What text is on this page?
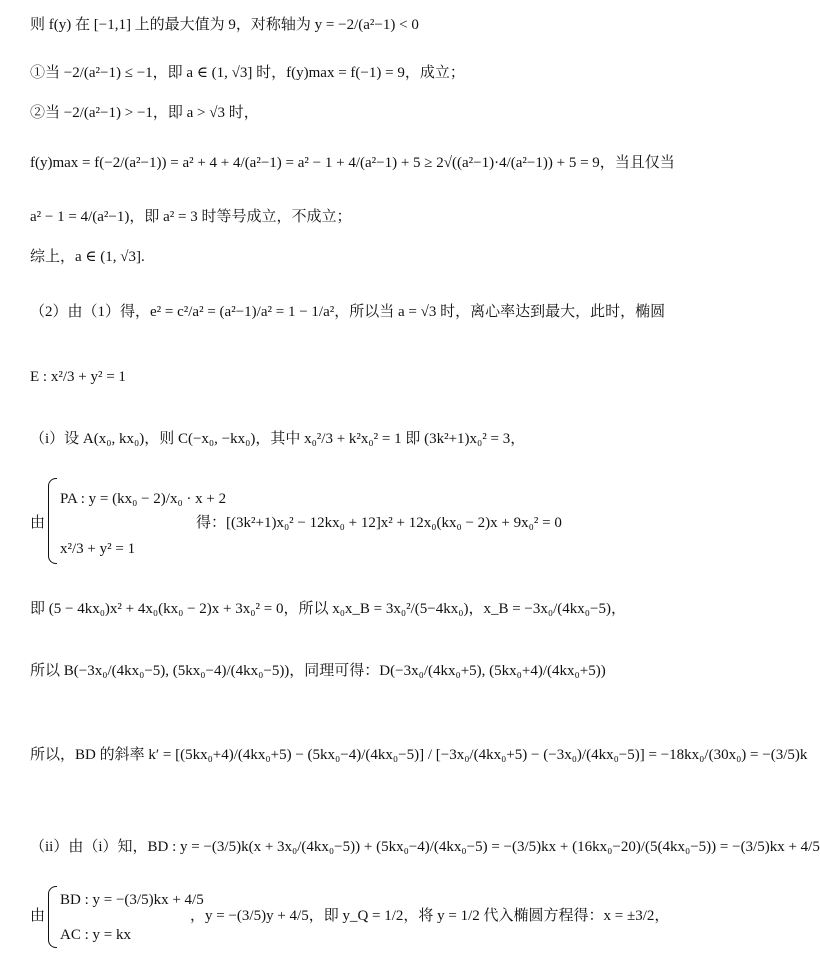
则 f(y) 在 [−1,1] 上的最大值为 9，对称轴为 y = −2/(a²−1) < 0
①当 −2/(a²−1) ≤ −1，即 a ∈ (1, √3] 时，f(y)max = f(−1) = 9，成立；
②当 −2/(a²−1) > −1，即 a > √3 时，
f(y)max = f(−2/(a²−1)) = a² + 4 + 4/(a²−1) = a² − 1 + 4/(a²−1) + 5 ≥ 2√((a²−1)·4/(a²−1)) + 5 = 9，当且仅当
a² − 1 = 4/(a²−1)，即 a² = 3 时等号成立，不成立；
综上，a ∈ (1, √3].
（2）由（1）得，e² = c²/a² = (a²−1)/a² = 1 − 1/a²，所以当 a = √3 时，离心率达到最大，此时，椭圆
E : x²/3 + y² = 1
（i）设 A(x₀, kx₀)，则 C(−x₀, −kx₀)，其中 x₀²/3 + k²x₀² = 1 即 (3k²+1)x₀² = 3，
PA : y = (kx₀ − 2)/x₀ · x + 2
由	得：[(3k²+1)x₀² − 12kx₀ + 12]x² + 12x₀(kx₀ − 2)x + 9x₀² = 0
x²/3 + y² = 1
即 (5 − 4kx₀)x² + 4x₀(kx₀ − 2)x + 3x₀² = 0，所以 x₀x_B = 3x₀²/(5−4kx₀)，x_B = −3x₀/(4kx₀−5)，
所以 B(−3x₀/(4kx₀−5), (5kx₀−4)/(4kx₀−5))，同理可得：D(−3x₀/(4kx₀+5), (5kx₀+4)/(4kx₀+5))
所以，BD 的斜率 k′ = [(5kx₀+4)/(4kx₀+5) − (5kx₀−4)/(4kx₀−5)] / [−3x₀/(4kx₀+5) − (−3x₀)/(4kx₀−5)] = −18kx₀/(30x₀) = −(3/5)k
（ii）由（i）知，BD : y = −(3/5)k(x + 3x₀/(4kx₀−5)) + (5kx₀−4)/(4kx₀−5) = −(3/5)kx + (16kx₀−20)/(5(4kx₀−5)) = −(3/5)kx + 4/5
BD : y = −(3/5)kx + 4/5
由	，y = −(3/5)y + 4/5，即 y_Q = 1/2，将 y = 1/2 代入椭圆方程得：x = ±3/2，
AC : y = kx
